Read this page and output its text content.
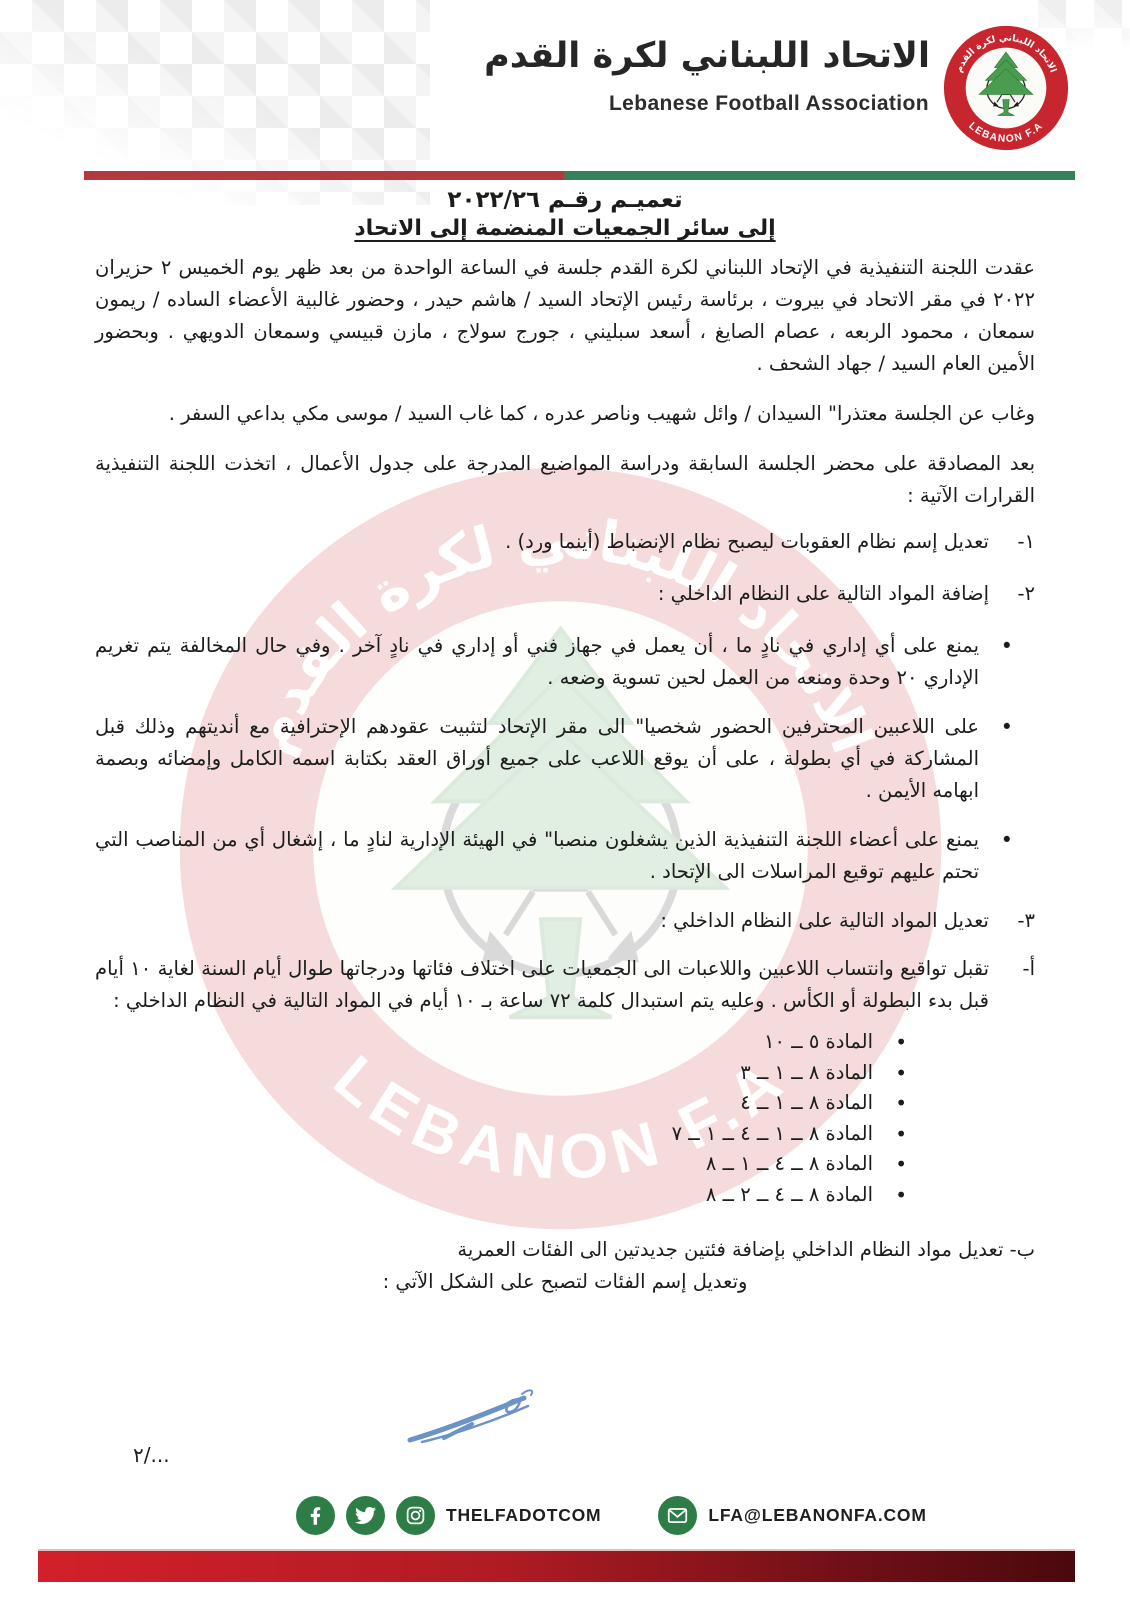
الاتحاد اللبناني لكرة القدم
Lebanese Football Association
تعميـم رقـم ٢٠٢٢/٢٦
إلى سائر الجمعيات المنضمة إلى الاتحاد

عقدت اللجنة التنفيذية في الإتحاد اللبناني لكرة القدم جلسة في الساعة الواحدة من بعد ظهر يوم الخميس ٢ حزيران ٢٠٢٢ في مقر الاتحاد في بيروت ، برئاسة رئيس الإتحاد السيد / هاشم حيدر ، وحضور غالبية الأعضاء الساده / ريمون سمعان ، محمود الربعه ، عصام الصايغ ، أسعد سبليني ، جورج سولاج ، مازن قبيسي وسمعان الدويهي . وبحضور الأمين العام السيد / جهاد الشحف .

وغاب عن الجلسة معتذرا" السيدان / وائل شهيب وناصر عدره ، كما غاب السيد / موسى مكي بداعي السفر .

بعد المصادقة على محضر الجلسة السابقة ودراسة المواضيع المدرجة على جدول الأعمال ، اتخذت اللجنة التنفيذية القرارات الآتية :

١-
تعديل إسم نظام العقوبات ليصبح نظام الإنضباط (أينما ورد) .
٢-
إضافة المواد التالية على النظام الداخلي :
•
يمنع على أي إداري في نادٍ ما ، أن يعمل في جهاز فني أو إداري في نادٍ آخر . وفي حال المخالفة يتم تغريم الإداري ٢٠ وحدة ومنعه من العمل لحين تسوية وضعه .
•
على اللاعبين المحترفين الحضور شخصيا" الى مقر الإتحاد لتثبيت عقودهم الإحترافية مع أنديتهم وذلك قبل المشاركة في أي بطولة ، على أن يوقع اللاعب على جميع أوراق العقد بكتابة اسمه الكامل وإمضائه وبصمة ابهامه الأيمن .
•
يمنع على أعضاء اللجنة التنفيذية الذين يشغلون منصبا" في الهيئة الإدارية لنادٍ ما ، إشغال أي من المناصب التي تحتم عليهم توقيع المراسلات الى الإتحاد .
٣-
تعديل المواد التالية على النظام الداخلي :
أ-
تقبل تواقيع وانتساب اللاعبين واللاعبات الى الجمعيات على اختلاف فئاتها ودرجاتها طوال أيام السنة لغاية ١٠ أيام قبل بدء البطولة أو الكأس . وعليه يتم استبدال كلمة ٧٢ ساعة بـ ١٠ أيام في المواد التالية في النظام الداخلي :
•
المادة ٥ ــ ١٠
•
المادة ٨ ــ ١ ــ ٣
•
المادة ٨ ــ ١ ــ ٤
•
المادة ٨ ــ ١ ــ ٤ ــ ١ ــ ٧
•
المادة ٨ ــ ٤ ــ ١ ــ ٨
•
المادة ٨ ــ ٤ ــ ٢ ــ ٨

ب- تعديل مواد النظام الداخلي بإضافة فئتين جديدتين الى الفئات العمرية

وتعديل إسم الفئات لتصبح على الشكل الآتي :
٢/...
THELFADOTCOM	LFA@LEBANONFA.COM
